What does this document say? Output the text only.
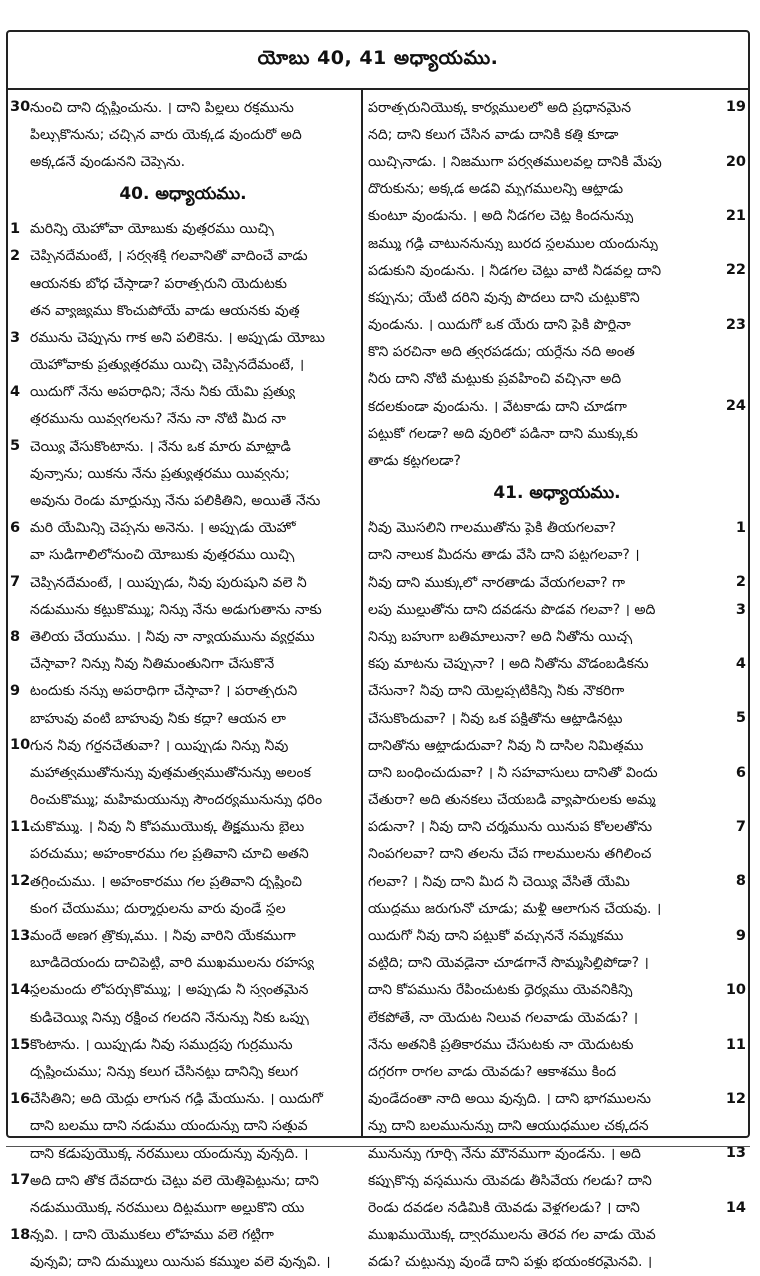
యోబు 40, 41 అధ్యాయము.
30 నుంచి దాని దృష్టించును. । దాని పిల్లలు రక్తమును
పీల్చుకొనును; చచ్చిన వారు యెక్కడ వుందురో అది
అక్కడనే వుండునని చెప్పెను.
40. అధ్యాయము.
1 మరిన్ని యెహోవా యోబుకు వుత్తరము యిచ్చి
2 చెప్పినదేమంటే, । సర్వశక్తి గలవానితో వాదించే వాడు
ఆయనకు బోధ చేస్తాడా? పరాత్పరుని యెదుటకు
తన వ్యాజ్యము కొంచుపోయే వాడు ఆయనకు వుత్త
3 రమును చెప్పును గాక అని పలికెను. । అప్పుడు యోబు
యెహోవాకు ప్రత్యుత్తరము యిచ్చి చెప్పినదేమంటే, ।
4 యిదుగో నేను అపరాధిని; నేను నీకు యేమి ప్రత్యు
త్తరమును యివ్వగలను? నేను నా నోటి మీద నా
5 చెయ్యి వేసుకొంటాను. । నేను ఒక మారు మాట్లాడి
వున్నాను; యికను నేను ప్రత్యుత్తరము యివ్వను;
అవును రెండు మార్లున్ను నేను పలికితిని, అయితే నేను
6 మరి యేమిన్ని చెప్పను అనెను. । అప్పుడు యెహో
వా సుడిగాలిలోనుంచి యోబుకు వుత్తరము యిచ్చి
7 చెప్పినదేమంటే, । యిప్పుడు, నీవు పురుషుని వలె నీ
నడుమును కట్టుకొమ్ము; నిన్ను నేను అడుగుతాను నాకు
8 తెలియ చేయుము. । నీవు నా న్యాయమును వ్యర్థము
చేస్తావా? నిన్ను నీవు నీతిమంతునిగా చేసుకొనే
9 టందుకు నన్ను అపరాధిగా చేస్తావా? । పరాత్పరుని
బాహువు వంటి బాహువు నీకు కద్దా? ఆయన లా
10 గున నీవు గర్జనచేతువా? । యిప్పుడు నిన్ను నీవు
మహాత్వముతోనున్ను వుత్తమత్వముతోనున్ను అలంక
రించుకొమ్ము; మహిమయున్ను సౌందర్యమునున్ను ధరిం
11 చుకొమ్ము. । నీవు నీ కోపముయొక్క తీక్ష్ణమును బైలు
పరచుము; అహంకారము గల ప్రతివాని చూచి అతని
12 తగ్గించుము. । అహంకారము గల ప్రతివాని దృష్టించి
కుంగ చేయుము; దుర్మార్గులను వారు వుండే స్థల
13 మందే అణగ త్రొక్కుము. । నీవు వారిని యేకముగా
బూడిదెయందు దాచిపెట్టి, వారి ముఖములను రహస్య
14 స్థలమందు లోపర్చుకొమ్ము; । అప్పుడు నీ స్వంతమైన
కుడిచెయ్యి నిన్ను రక్షించ గలదని నేనున్ను నీకు ఒప్పు
15 కొంటాను. । యిప్పుడు నీవు సముద్రపు గుర్రమును
దృష్టించుము; నిన్ను కలుగ చేసినట్టు దానిన్ని కలుగ
16 చేసితిని; అది యెద్దు లాగున గడ్డి మేయును. । యిదుగో
దాని బలము దాని నడుము యందున్ను దాని సత్తువ
దాని కడుపుయొక్క నరములు యందున్ను వున్నది. ।
17 అది దాని తోక దేవదారు చెట్టు వలె యెత్తిపెట్టును; దాని
నడుముయొక్క నరములు దిట్టముగా అల్లుకొని యు
18 న్నవి. । దాని యెముకలు లోహము వలె గట్టిగా
వున్నవి; దాని దుమ్ములు యినుప కమ్ముల వలె వున్నవి. ।
పరాత్పరునియొక్క కార్యములలో అది ప్రధానమైన	19
నది; దాని కలుగ చేసిన వాడు దానికి కత్తి కూడా
యిచ్చినాడు. । నిజముగా పర్వతములవల్ల దానికి మేపు	20
దొరుకును; అక్కడ అడవి మృగములన్ని ఆట్లాడు
కుంటూ వుండును. । అది నీడగల చెట్ల కిందనున్ను	21
జమ్ము గడ్డి చాటుననున్ను బురద స్థలముల యందున్ను
పడుకుని వుండును. । నీడగల చెట్లు వాటి నీడవల్ల దాని	22
కప్పును; యేటి దరిని వున్న పొదలు దాని చుట్టుకొని
వుండును. । యిదుగో ఒక యేరు దాని పైకి పొర్లినా	23
కొని పరచినా అది త్వరపడదు; యర్దేను నది అంత
నీరు దాని నోటి మట్టుకు ప్రవహించి వచ్చినా అది
కదలకుండా వుండును. । వేటకాడు దాని చూడగా	24
పట్టుకో గలడా? అది వురిలో పడినా దాని ముక్కుకు
తాడు కట్టగలడా?
41. అధ్యాయము.
నీవు మొసలిని గాలముతోను పైకి తీయగలవా?	1
దాని నాలుక మీదను తాడు వేసి దాని పట్టగలవా? ।
నీవు దాని ముక్కులో నారతాడు వేయగలవా? గా	2
లపు ముల్లుతోను దాని దవడను పొడవ గలవా? । అది	3
నిన్ను బహుగా బతిమాలునా? అది నీతోను యిచ్చ
కపు మాటను చెప్పునా? । అది నీతోను వొడంబడికను	4
చేసునా? నీవు దాని యెల్లప్పటికిన్ని నీకు నౌకరిగా
చేసుకొందువా? । నీవు ఒక పక్షితోను ఆట్లాడినట్టు	5
దానితోను ఆట్లాడుదువా? నీవు నీ దాసీల నిమిత్తము
దాని బంధించుదువా? । నీ సహవాసులు దానితో విందు	6
చేతురా? అది తునకలు చేయబడి వ్యాపారులకు అమ్మ
పడునా? । నీవు దాని చర్మమును యినుప కోలలతోను	7
నింపగలవా? దాని తలను చేప గాలములను తగిలించ
గలవా? । నీవు దాని మీద నీ చెయ్యి వేసితే యేమి	8
యుద్ధము జరుగునో చూడు; మళ్లీ ఆలాగున చేయవు. ।
యిదుగో నీవు దాని పట్టుకో వచ్చుననే నమ్మకము	9
వట్టిది; దాని యెవడైనా చూడగానే సొమ్మసిల్లిపోడా? ।
దాని కోపమును రేపించుటకు ధైర్యము యెవనికిన్ని	10
లేకపోతే, నా యెదుట నిలువ గలవాడు యెవడు? ।
నేను అతనికి ప్రతికారము చేసుటకు నా యెదుటకు	11
దగ్గరగా రాగల వాడు యెవడు? ఆకాశము కింద
వుండేదంతా నాది అయి వున్నది. । దాని భాగములను	12
న్ను దాని బలమునున్ను దాని ఆయుధముల చక్కదన
మునున్ను గూర్చి నేను మౌనముగా వుండను. । అది	13
కప్పుకొన్న వస్త్రమును యెవడు తీసివేయ గలడు? దాని
రెండు దవడల నడిమికి యెవడు వెళ్లగలడు? । దాని	14
ముఖముయొక్క ద్వారములను తెరవ గల వాడు యెవ
వడు? చుట్టున్ను వుండే దాని పళ్లు భయంకరమైనవి. ।
